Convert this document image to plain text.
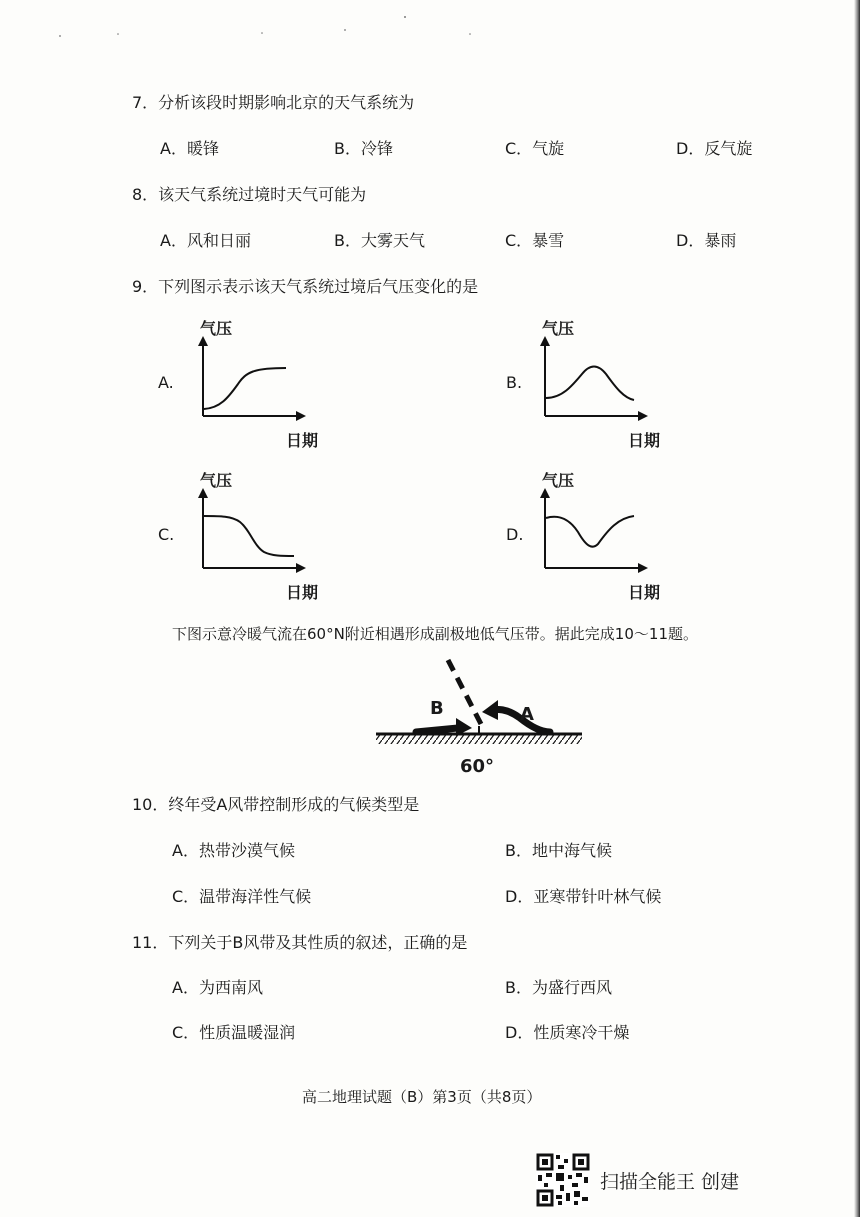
7．分析该段时期影响北京的天气系统为
A．暖锋	B．冷锋	C．气旋	D．反气旋
8．该天气系统过境时天气可能为
A．风和日丽	B．大雾天气	C．暴雪	D．暴雨
9．下列图示表示该天气系统过境后气压变化的是
A.
气压
日期
B.
气压
日期
C.
气压
日期
D.
气压
日期
下图示意冷暖气流在60°N附近相遇形成副极地低气压带。据此完成10～11题。
B	A
60°
10．终年受A风带控制形成的气候类型是
A．热带沙漠气候	B．地中海气候
C．温带海洋性气候	D．亚寒带针叶林气候
11．下列关于B风带及其性质的叙述，正确的是
A．为西南风	B．为盛行西风
C．性质温暖湿润	D．性质寒冷干燥
高二地理试题（B）第3页（共8页）
扫描全能王 创建
